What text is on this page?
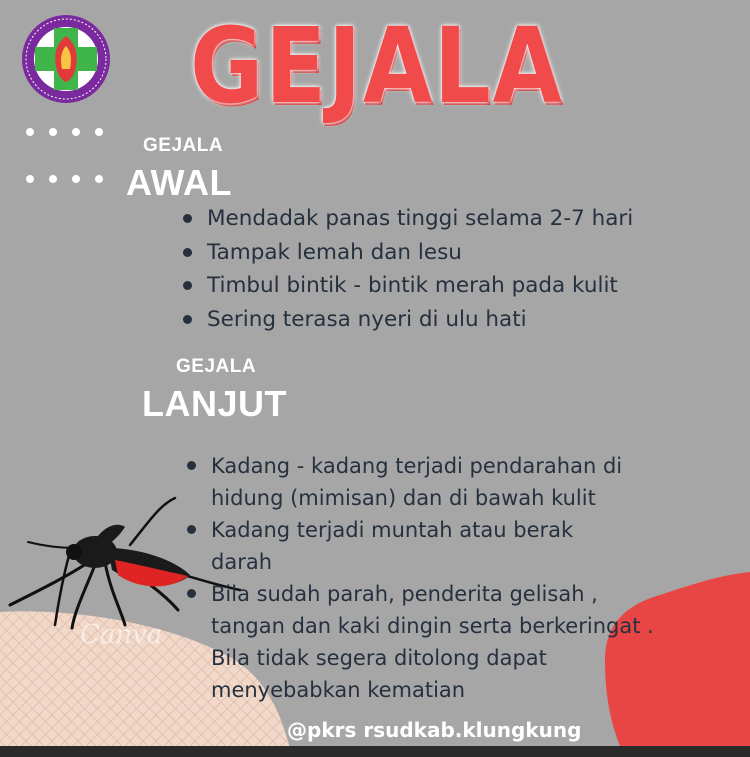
GEJALA
GEJALA
AWAL
Mendadak panas tinggi selama 2-7 hari
Tampak lemah dan lesu
Timbul bintik - bintik merah pada kulit
Sering terasa nyeri di ulu hati
GEJALA
LANJUT
Kadang - kadang terjadi pendarahan di hidung (mimisan) dan di bawah kulit
Kadang terjadi muntah atau berak darah
Bila sudah parah, penderita gelisah , tangan dan kaki dingin serta berkeringat . Bila tidak segera ditolong dapat menyebabkan kematian
Canva
@pkrs rsudkab.klungkung
